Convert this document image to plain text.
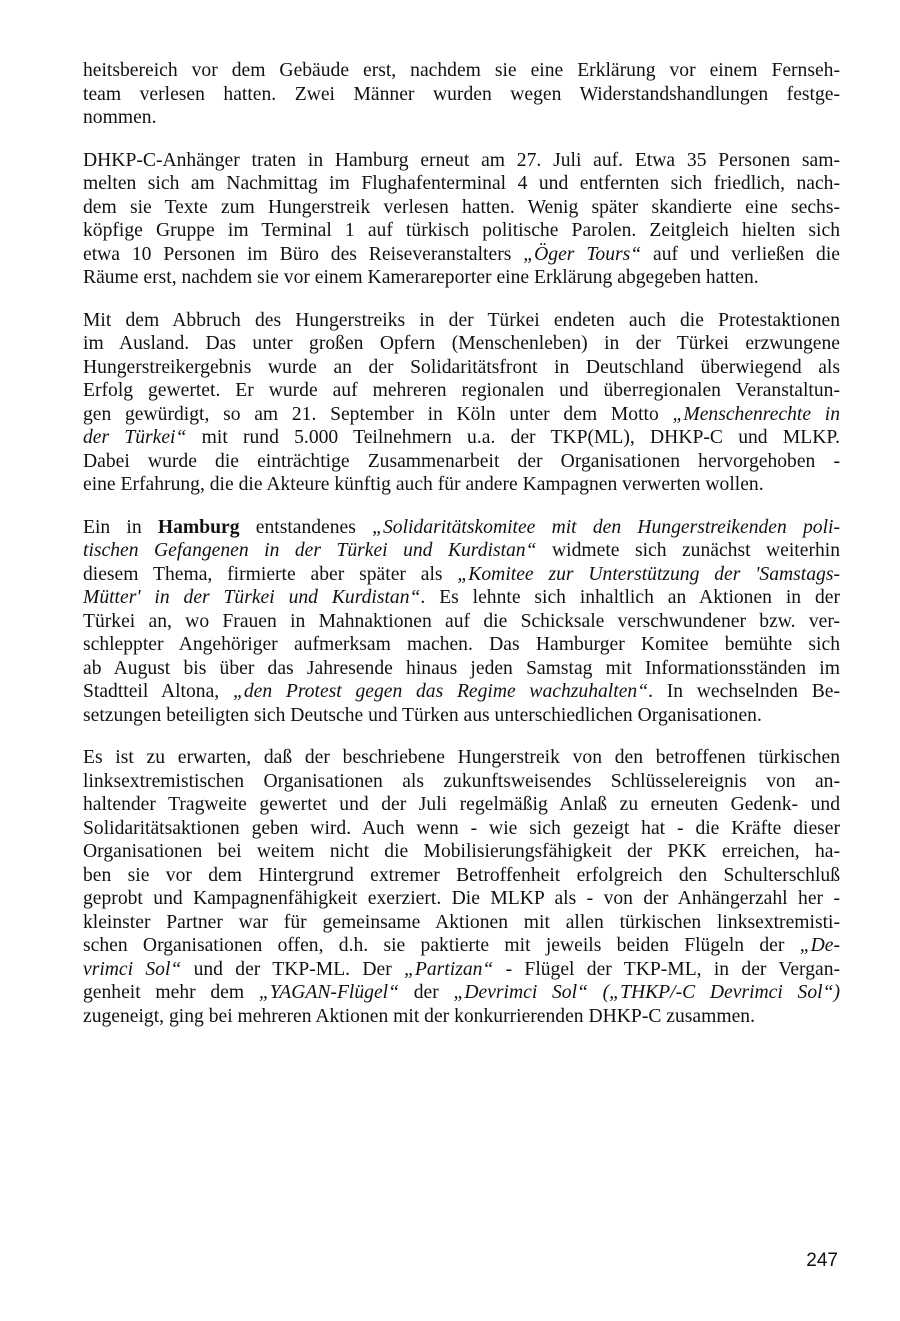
heitsbereich vor dem Gebäude erst, nachdem sie eine Erklärung vor einem Fernseh-
team verlesen hatten. Zwei Männer wurden wegen Widerstandshandlungen festge-
nommen.

DHKP-C-Anhänger traten in Hamburg erneut am 27. Juli auf. Etwa 35 Personen sam-
melten sich am Nachmittag im Flughafenterminal 4 und entfernten sich friedlich, nach-
dem sie Texte zum Hungerstreik verlesen hatten. Wenig später skandierte eine sechs-
köpfige Gruppe im Terminal 1 auf türkisch politische Parolen. Zeitgleich hielten sich
etwa 10 Personen im Büro des Reiseveranstalters „Öger Tours“ auf und verließen die
Räume erst, nachdem sie vor einem Kamerareporter eine Erklärung abgegeben hatten.

Mit dem Abbruch des Hungerstreiks in der Türkei endeten auch die Protestaktionen
im Ausland. Das unter großen Opfern (Menschenleben) in der Türkei erzwungene
Hungerstreikergebnis wurde an der Solidaritätsfront in Deutschland überwiegend als
Erfolg gewertet. Er wurde auf mehreren regionalen und überregionalen Veranstaltun-
gen gewürdigt, so am 21. September in Köln unter dem Motto „Menschenrechte in
der Türkei“ mit rund 5.000 Teilnehmern u.a. der TKP(ML), DHKP-C und MLKP.
Dabei wurde die einträchtige Zusammenarbeit der Organisationen hervorgehoben -
eine Erfahrung, die die Akteure künftig auch für andere Kampagnen verwerten wollen.

Ein in Hamburg entstandenes „Solidaritätskomitee mit den Hungerstreikenden poli-
tischen Gefangenen in der Türkei und Kurdistan“ widmete sich zunächst weiterhin
diesem Thema, firmierte aber später als „Komitee zur Unterstützung der 'Samstags-
Mütter' in der Türkei und Kurdistan“. Es lehnte sich inhaltlich an Aktionen in der
Türkei an, wo Frauen in Mahnaktionen auf die Schicksale verschwundener bzw. ver-
schleppter Angehöriger aufmerksam machen. Das Hamburger Komitee bemühte sich
ab August bis über das Jahresende hinaus jeden Samstag mit Informationsständen im
Stadtteil Altona, „den Protest gegen das Regime wachzuhalten“. In wechselnden Be-
setzungen beteiligten sich Deutsche und Türken aus unterschiedlichen Organisationen.

Es ist zu erwarten, daß der beschriebene Hungerstreik von den betroffenen türkischen
linksextremistischen Organisationen als zukunftsweisendes Schlüsselereignis von an-
haltender Tragweite gewertet und der Juli regelmäßig Anlaß zu erneuten Gedenk- und
Solidaritätsaktionen geben wird. Auch wenn - wie sich gezeigt hat - die Kräfte dieser
Organisationen bei weitem nicht die Mobilisierungsfähigkeit der PKK erreichen, ha-
ben sie vor dem Hintergrund extremer Betroffenheit erfolgreich den Schulterschluß
geprobt und Kampagnenfähigkeit exerziert. Die MLKP als - von der Anhängerzahl her -
kleinster Partner war für gemeinsame Aktionen mit allen türkischen linksextremisti-
schen Organisationen offen, d.h. sie paktierte mit jeweils beiden Flügeln der „De-
vrimci Sol“ und der TKP-ML. Der „Partizan“ - Flügel der TKP-ML, in der Vergan-
genheit mehr dem „YAGAN-Flügel“ der „Devrimci Sol“ („THKP/-C Devrimci Sol“)
zugeneigt, ging bei mehreren Aktionen mit der konkurrierenden DHKP-C zusammen.

247
